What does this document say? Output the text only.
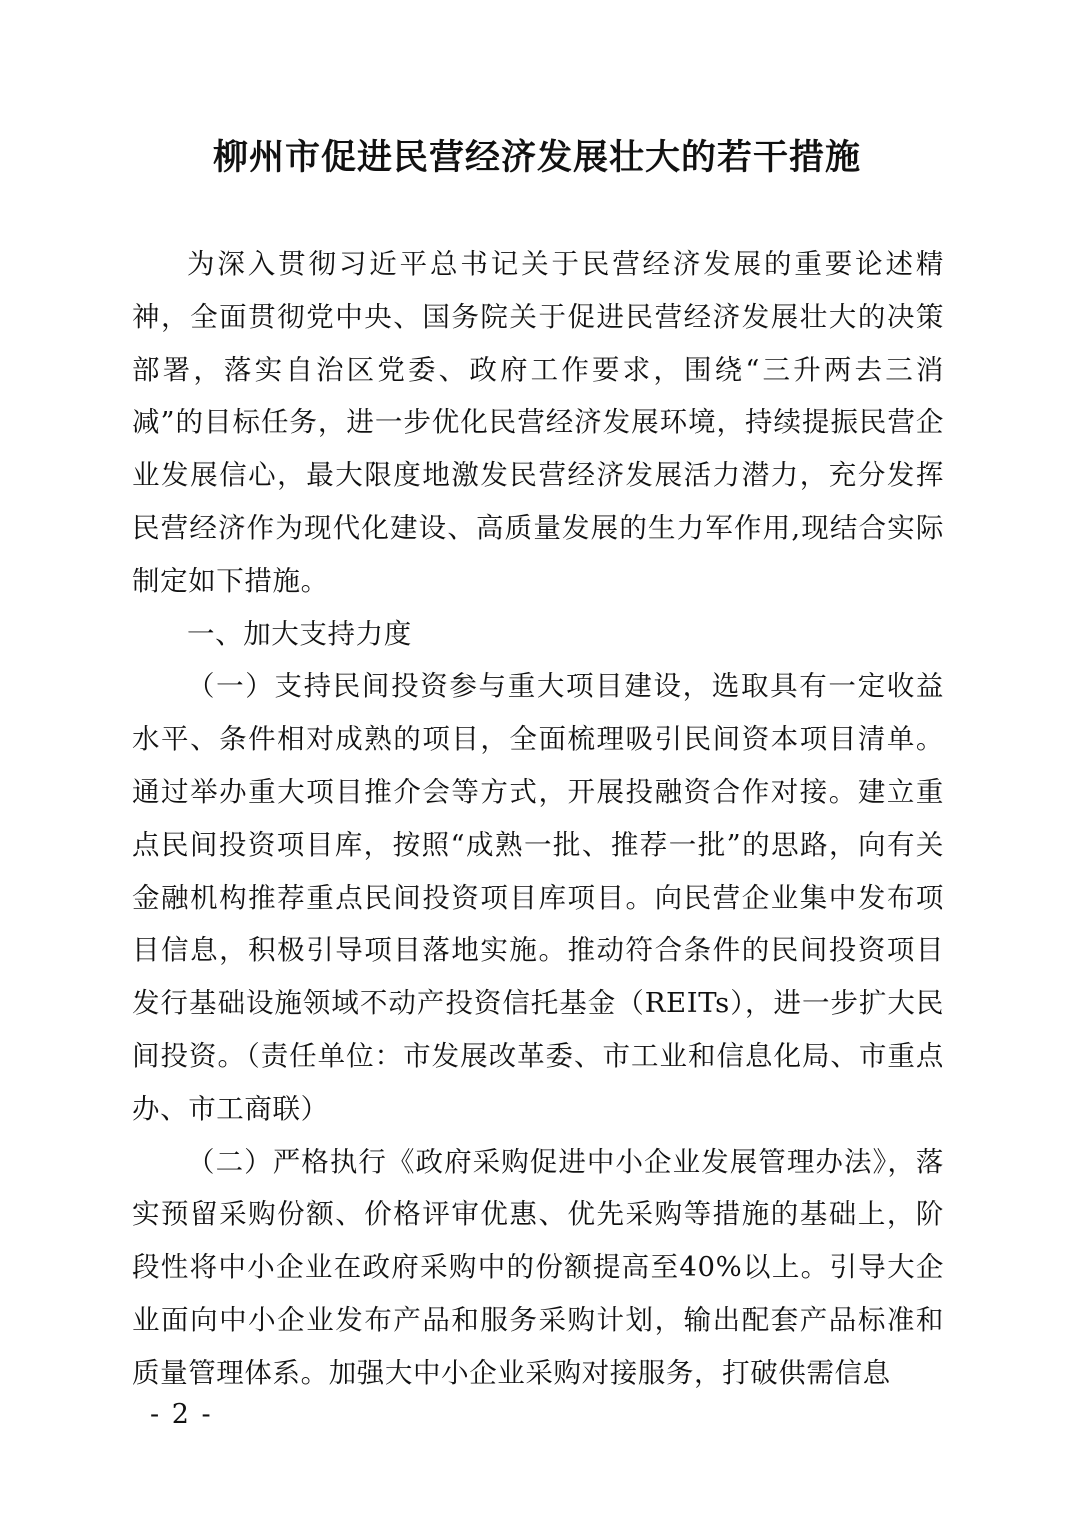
柳州市促进民营经济发展壮大的若干措施

为深入贯彻习近平总书记关于民营经济发展的重要论述精神，全面贯彻党中央、国务院关于促进民营经济发展壮大的决策部署，落实自治区党委、政府工作要求，围绕“三升两去三消减”的目标任务，进一步优化民营经济发展环境，持续提振民营企业发展信心，最大限度地激发民营经济发展活力潜力，充分发挥民营经济作为现代化建设、高质量发展的生力军作用,现结合实际制定如下措施。

一、加大支持力度

（一）支持民间投资参与重大项目建设，选取具有一定收益水平、条件相对成熟的项目，全面梳理吸引民间资本项目清单。通过举办重大项目推介会等方式，开展投融资合作对接。建立重点民间投资项目库，按照“成熟一批、推荐一批”的思路，向有关金融机构推荐重点民间投资项目库项目。向民营企业集中发布项目信息，积极引导项目落地实施。推动符合条件的民间投资项目发行基础设施领域不动产投资信托基金（REITs），进一步扩大民间投资。（责任单位：市发展改革委、市工业和信息化局、市重点办、市工商联）

（二）严格执行《政府采购促进中小企业发展管理办法》，落实预留采购份额、价格评审优惠、优先采购等措施的基础上，阶段性将中小企业在政府采购中的份额提高至40%以上。引导大企业面向中小企业发布产品和服务采购计划，输出配套产品标准和质量管理体系。加强大中小企业采购对接服务，打破供需信息

- 2 -
